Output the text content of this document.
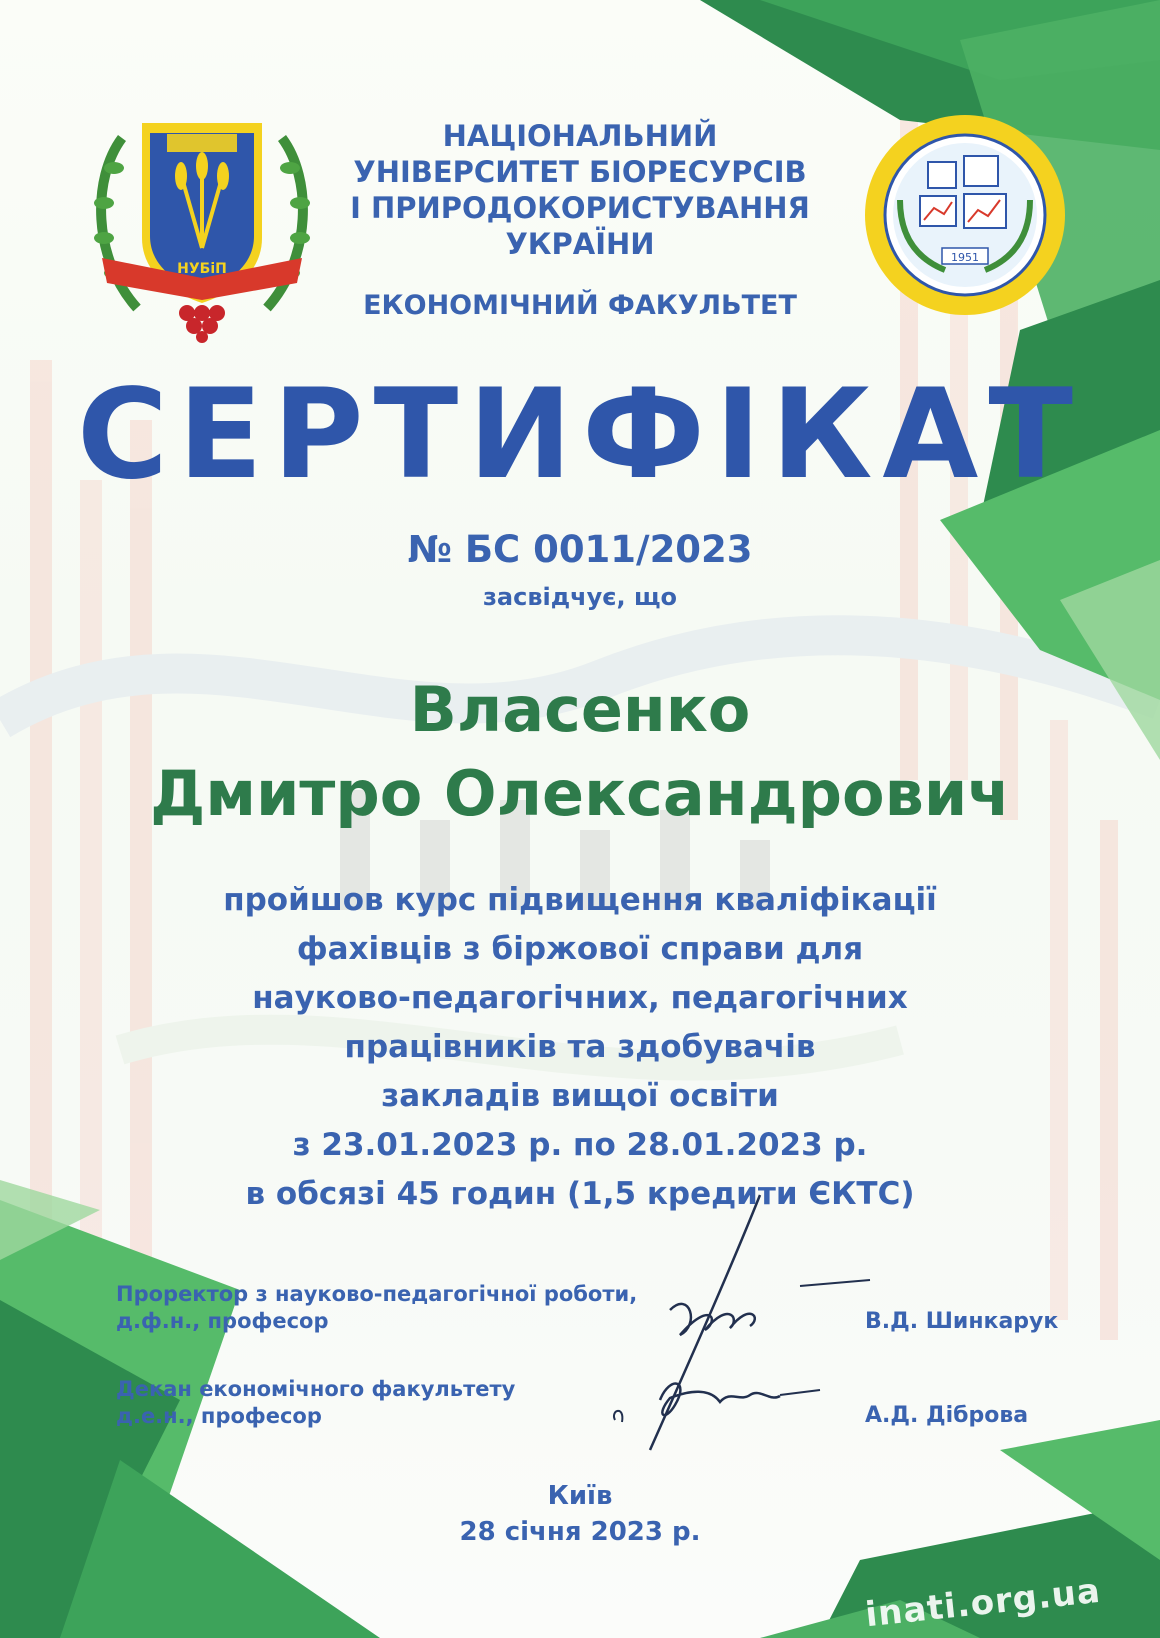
НУБіП
1951
НАЦІОНАЛЬНИЙ
УНІВЕРСИТЕТ БІОРЕСУРСІВ
І ПРИРОДОКОРИСТУВАННЯ
УКРАЇНИ
ЕКОНОМІЧНИЙ ФАКУЛЬТЕТ
СЕРТИФІКАТ
№ БС 0011/2023
засвідчує, що
Власенко
Дмитро Олександрович
пройшов курс підвищення кваліфікації
фахівців з біржової справи для
науково-педагогічних, педагогічних
працівників та здобувачів
закладів вищої освіти
з 23.01.2023 р. по 28.01.2023 р.
в обсязі 45 годин (1,5 кредити ЄКТС)
Проректор з науково-педагогічної роботи,
д.ф.н., професор	В.Д. Шинкарук
Декан економічного факультету
д.е.н., професор	А.Д. Діброва
Київ
28 січня 2023 р.
inati.org.ua
